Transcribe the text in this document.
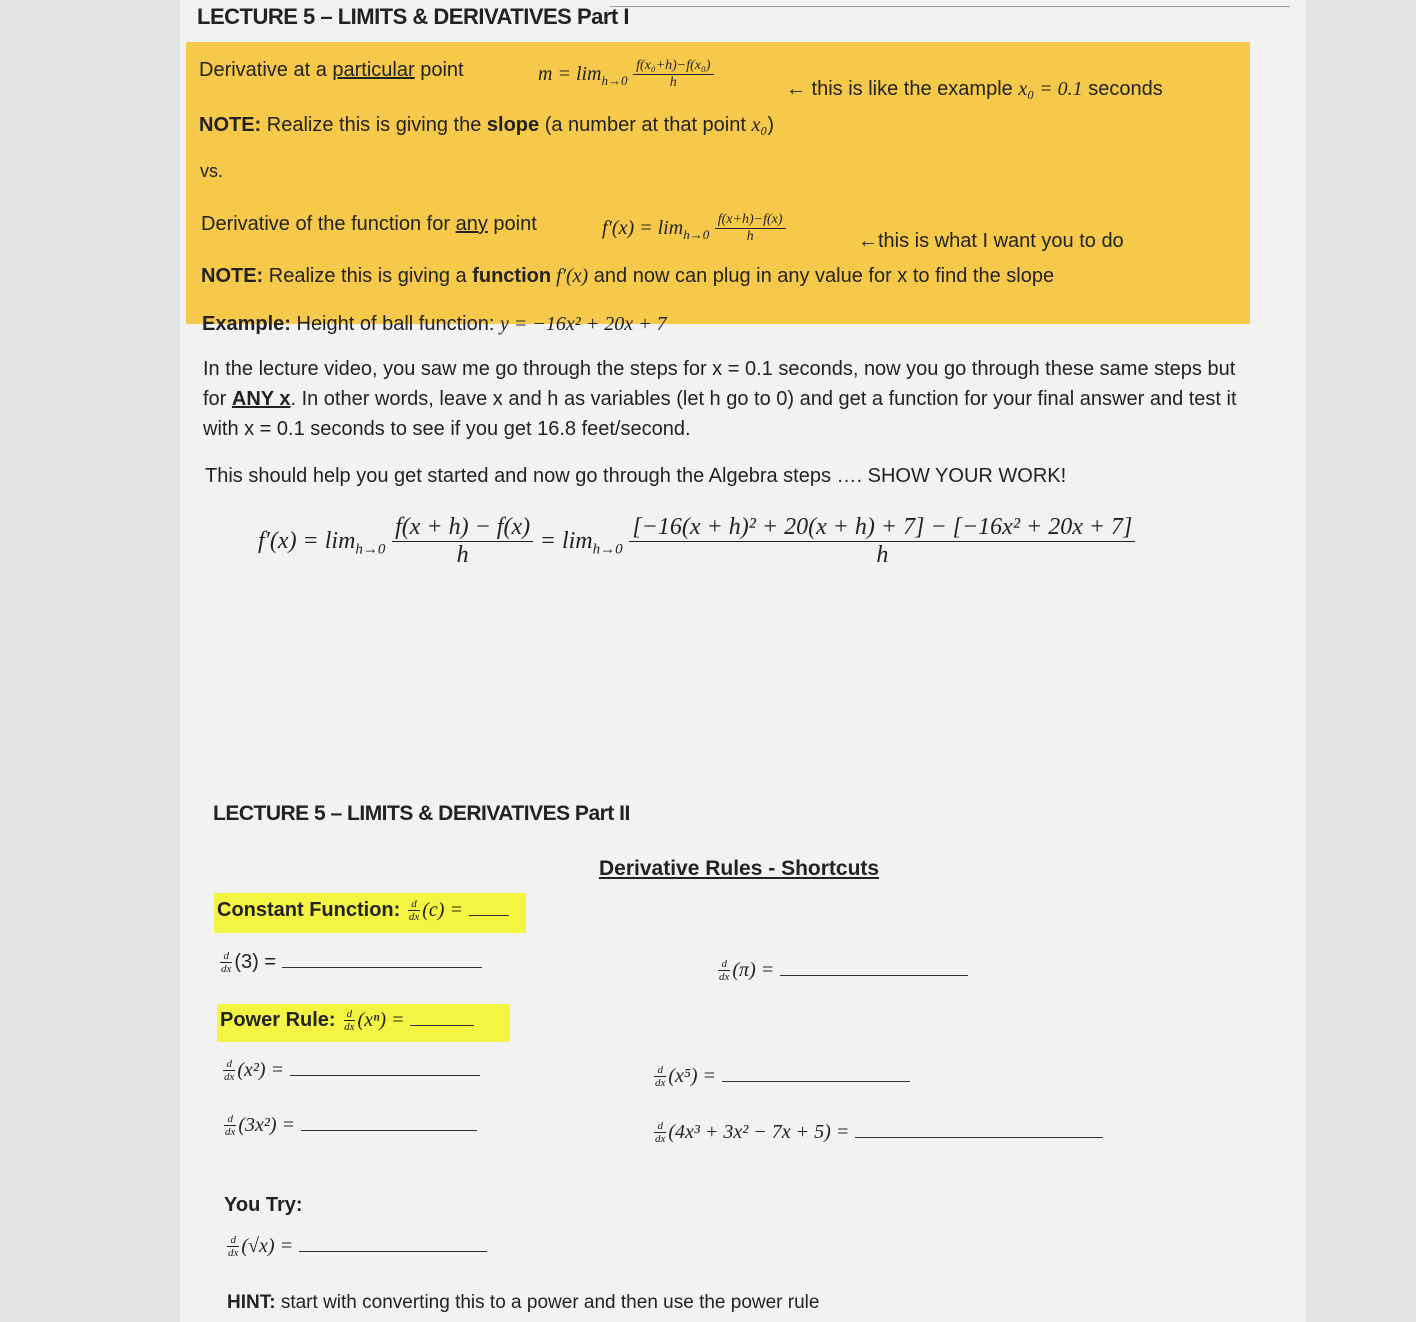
LECTURE 5 – LIMITS & DERIVATIVES Part I
Derivative at a particular point	$m = \lim_{h\to 0} \frac{\text{f(x₀+h)−f(x₀)}}{h}$	← this is like the example x₀ = 0.1 seconds
NOTE: Realize this is giving the slope (a number at that point x₀)
vs.
Derivative of the function for any point	$f'(x) = \lim_{h\to 0} \frac{f(x+h)-f(x)}{h}$	←this is what I want you to do
NOTE: Realize this is giving a function f′(x) and now can plug in any value for x to find the slope
Example: Height of ball function: y = −16x² + 20x + 7
In the lecture video, you saw me go through the steps for x = 0.1 seconds, now you go through these same steps but
for ANY x. In other words, leave x and h as variables (let h go to 0) and get a function for your final answer and test it
with x = 0.1 seconds to see if you get 16.8 feet/second.
This should help you get started and now go through the Algebra steps …. SHOW YOUR WORK!
$f'(x) = \lim_{h\to 0} \frac{f(x + h) - f(x)}{h} = \lim_{h\to 0} \frac{\text{[−16(x + h)² + 20(x + h) + 7] − [−16x² + 20x + 7]}}{h}$
LECTURE 5 – LIMITS & DERIVATIVES Part II
Derivative Rules - Shortcuts
Constant Function: $\frac{d}{dx} (c)$ =
$\frac{d}{dx} (3)$ =	$\frac{d}{dx} (\pi)$ =
Power Rule: $\frac{d}{dx} (x^n)$ =
$\frac{d}{dx} (x^2)$ =	$\frac{d}{dx} (x^5)$ =
$\frac{d}{dx} (3x^2)$ =	$\frac{d}{dx} (4x^3 + 3x^2 - 7x + 5)$ =
You Try:
$\frac{d}{dx} (√x)$ =
HINT: start with converting this to a power and then use the power rule
